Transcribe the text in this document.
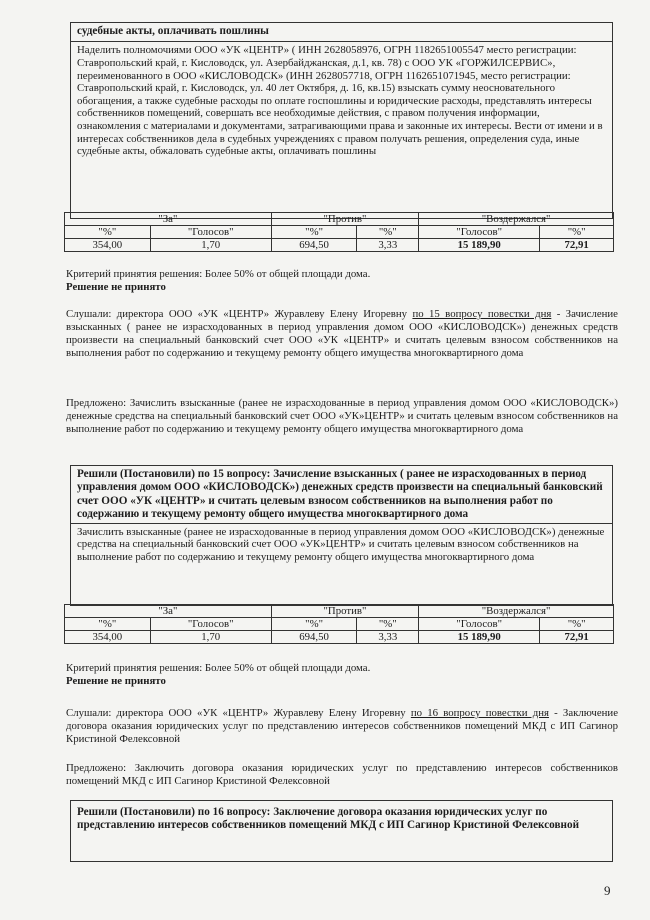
судебные акты, оплачивать пошлины

Наделить полномочиями ООО «УК «ЦЕНТР» ( ИНН 2628058976, ОГРН 1182651005547 место регистрации: Ставропольский край, г. Кисловодск, ул. Азербайджанская, д.1, кв. 78) с ООО УК «ГОРЖИЛСЕРВИС», переименованного в ООО «КИСЛОВОДСК» (ИНН 2628057718, ОГРН 1162651071945, место регистрации: Ставропольский край, г. Кисловодск, ул. 40 лет Октября, д. 16, кв.15) взыскать сумму неосновательного обогащения, а также судебные расходы по оплате госпошлины и юридические расходы, представлять интересы собственников помещений, совершать все необходимые действия, с правом получения информации, ознакомления с материалами и документами, затрагивающими права и законные их интересы. Вести от имени и в интересах собственников дела в судебных учреждениях с правом получать решения, определения суда, иные судебные акты, обжаловать судебные акты, оплачивать пошлины

"За"		"Против"		"Воздержался"	
"%"	"Голосов"	"%"	"%"	"Голосов"	"%"
354,00	1,70	694,50	3,33	15 189,90	72,91

Критерий принятия решения: Более 50% от общей площади дома.

Решение не принято

Слушали: директора ООО «УК «ЦЕНТР» Журавлеву Елену Игоревну по 15 вопросу повестки дня - Зачисление взысканных ( ранее не израсходованных в период управления домом ООО «КИСЛОВОДСК») денежных средств произвести на специальный банковский счет ООО «УК «ЦЕНТР» и считать целевым взносом собственников на выполнения работ по содержанию и текущему ремонту общего имущества многоквартирного дома

Предложено: Зачислить взысканные (ранее не израсходованные в период управления домом ООО «КИСЛОВОДСК») денежные средства на специальный банковский счет ООО «УК»ЦЕНТР» и считать целевым взносом собственников на выполнение работ по содержанию и текущему ремонту общего имущества многоквартирного дома

Решили (Постановили) по 15 вопросу: Зачисление взысканных ( ранее не израсходованных в период управления домом ООО «КИСЛОВОДСК») денежных средств произвести на специальный банковский счет ООО «УК «ЦЕНТР» и считать целевым взносом собственников на выполнения работ по содержанию и текущему ремонту общего имущества многоквартирного дома

Зачислить взысканные (ранее не израсходованные в период управления домом ООО «КИСЛОВОДСК») денежные средства на специальный банковский счет ООО «УК»ЦЕНТР» и считать целевым взносом собственников на выполнение работ по содержанию и текущему ремонту общего имущества многоквартирного дома

"За"		"Против"		"Воздержался"	
"%"	"Голосов"	"%"	"%"	"Голосов"	"%"
354,00	1,70	694,50	3,33	15 189,90	72,91

Критерий принятия решения: Более 50% от общей площади дома.

Решение не принято

Слушали: директора ООО «УК «ЦЕНТР» Журавлеву Елену Игоревну по 16 вопросу повестки дня - Заключение договора оказания юридических услуг по представлению интересов собственников помещений МКД с ИП Сагинор Кристиной Фелексовной

Предложено: Заключить договора оказания юридических услуг по представлению интересов собственников помещений МКД с ИП Сагинор Кристиной Фелексовной

Решили (Постановили) по 16 вопросу: Заключение договора оказания юридических услуг по представлению интересов собственников помещений МКД с ИП Сагинор Кристиной Фелексовной
9
